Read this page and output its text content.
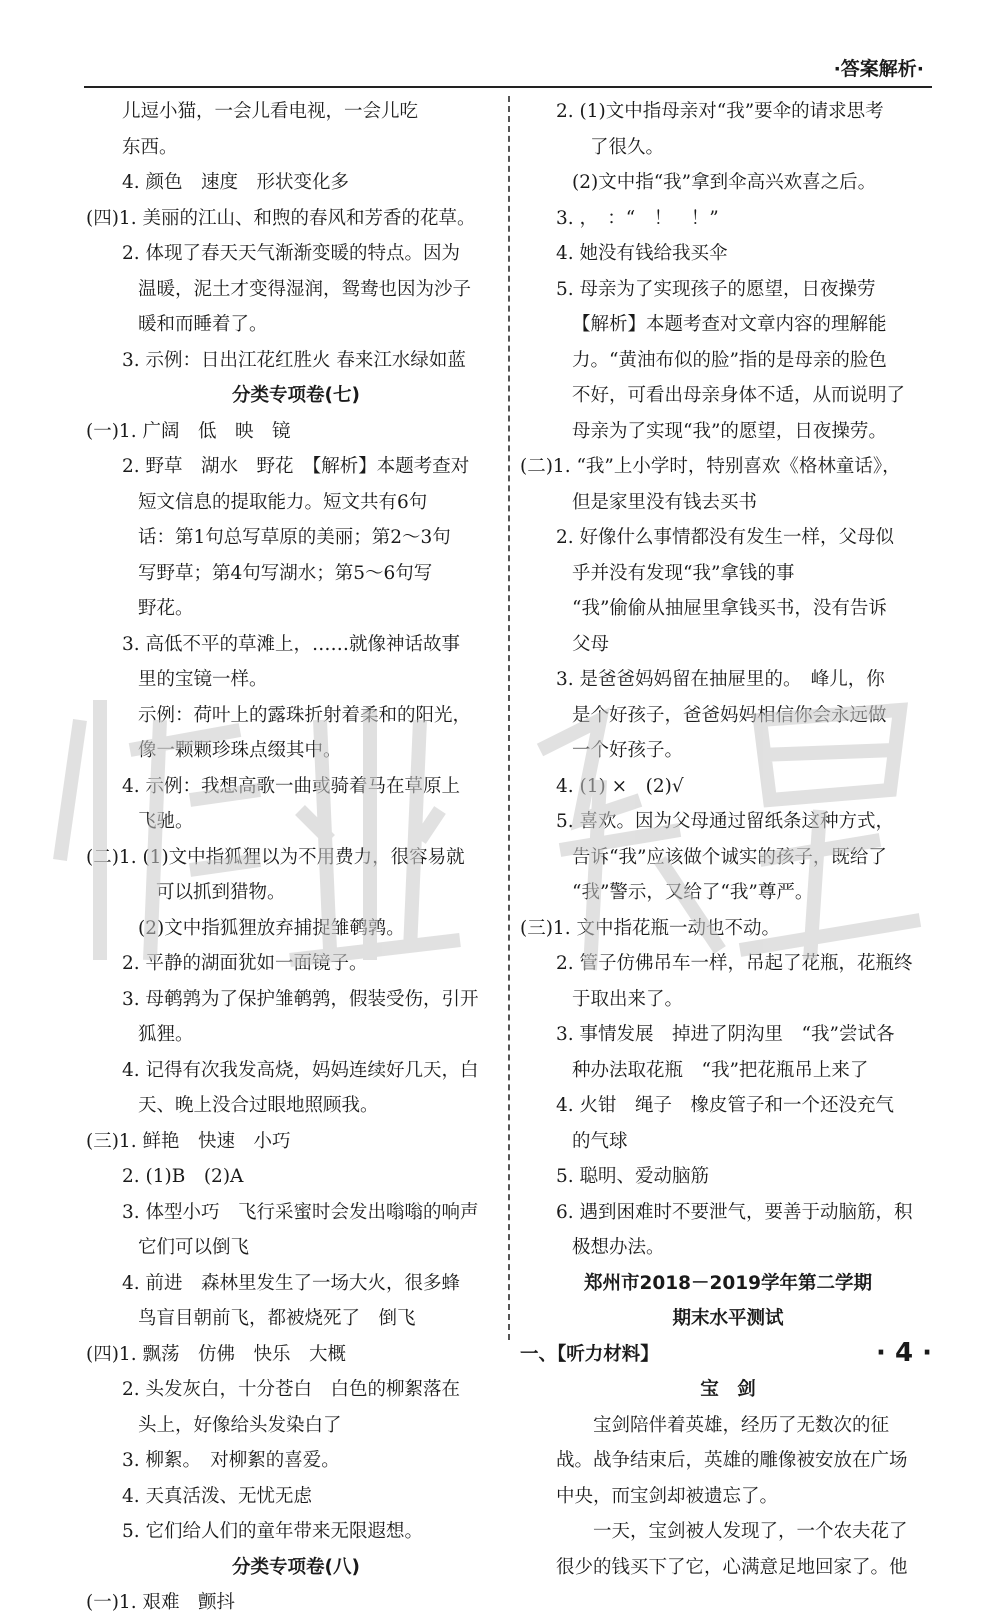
·答案解析·
儿逗小猫，一会儿看电视，一会儿吃
东西。
4. 颜色　速度　形状变化多
(四)1. 美丽的江山、和煦的春风和芳香的花草。
2. 体现了春天天气渐渐变暖的特点。因为
温暖，泥土才变得湿润，鸳鸯也因为沙子
暖和而睡着了。
3. 示例：日出江花红胜火 春来江水绿如蓝
分类专项卷(七)
(一)1. 广阔　低　映　镜
2. 野草　湖水　野花　【解析】本题考查对
短文信息的提取能力。短文共有6句
话：第1句总写草原的美丽；第2～3句
写野草；第4句写湖水；第5～6句写
野花。
3. 高低不平的草滩上，……就像神话故事
里的宝镜一样。
示例：荷叶上的露珠折射着柔和的阳光，
像一颗颗珍珠点缀其中。
4. 示例：我想高歌一曲或骑着马在草原上
飞驰。
(二)1. (1)文中指狐狸以为不用费力，很容易就
可以抓到猎物。
(2)文中指狐狸放弃捕捉雏鹌鹑。
2. 平静的湖面犹如一面镜子。
3. 母鹌鹑为了保护雏鹌鹑，假装受伤，引开
狐狸。
4. 记得有次我发高烧，妈妈连续好几天，白
天、晚上没合过眼地照顾我。
(三)1. 鲜艳　快速　小巧
2. (1)B　(2)A
3. 体型小巧　飞行采蜜时会发出嗡嗡的响声
它们可以倒飞
4. 前进　森林里发生了一场大火，很多蜂
鸟盲目朝前飞，都被烧死了　倒飞
(四)1. 飘荡　仿佛　快乐　大概
2. 头发灰白，十分苍白　白色的柳絮落在
头上，好像给头发染白了
3. 柳絮。　对柳絮的喜爱。
4. 天真活泼、无忧无虑
5. 它们给人们的童年带来无限遐想。
分类专项卷(八)
(一)1. 艰难　颤抖
2. (1)文中指母亲对“我”要伞的请求思考
了很久。
(2)文中指“我”拿到伞高兴欢喜之后。
3. ，　：“　！　！”
4. 她没有钱给我买伞
5. 母亲为了实现孩子的愿望，日夜操劳
【解析】本题考查对文章内容的理解能
力。“黄油布似的脸”指的是母亲的脸色
不好，可看出母亲身体不适，从而说明了
母亲为了实现“我”的愿望，日夜操劳。
(二)1. “我”上小学时，特别喜欢《格林童话》，
但是家里没有钱去买书
2. 好像什么事情都没有发生一样，父母似
乎并没有发现“我”拿钱的事
“我”偷偷从抽屉里拿钱买书，没有告诉
父母
3. 是爸爸妈妈留在抽屉里的。　峰儿，你
是个好孩子，爸爸妈妈相信你会永远做
一个好孩子。
4. (1) ×　(2)√
5. 喜欢。因为父母通过留纸条这种方式，
告诉“我”应该做个诚实的孩子，既给了
“我”警示，又给了“我”尊严。
(三)1. 文中指花瓶一动也不动。
2. 管子仿佛吊车一样，吊起了花瓶，花瓶终
于取出来了。
3. 事情发展　掉进了阴沟里　“我”尝试各
种办法取花瓶　“我”把花瓶吊上来了
4. 火钳　绳子　橡皮管子和一个还没充气
的气球
5. 聪明、爱动脑筋
6. 遇到困难时不要泄气，要善于动脑筋，积
极想办法。
郑州市2018－2019学年第二学期
期末水平测试
一、【听力材料】
宝　剑
宝剑陪伴着英雄，经历了无数次的征
战。战争结束后，英雄的雕像被安放在广场
中央，而宝剑却被遗忘了。
一天，宝剑被人发现了，一个农夫花了
很少的钱买下了它，心满意足地回家了。他
· 4 ·
